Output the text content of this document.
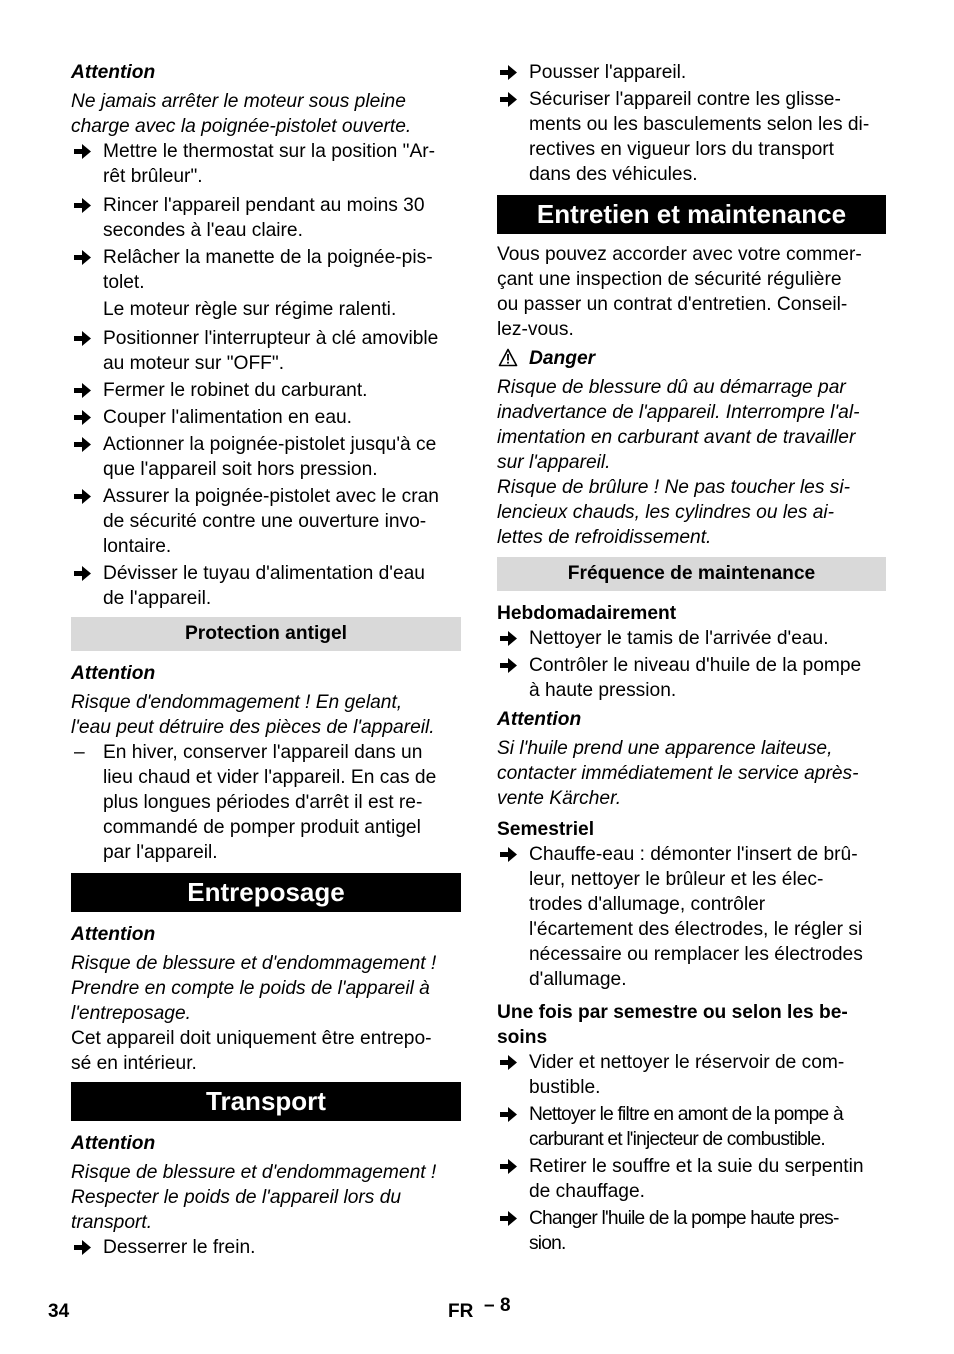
Attention

Ne jamais arrêter le moteur sous pleine
charge avec la poignée-pistolet ouverte.
Mettre le thermostat sur la position "Ar-
rêt brûleur".
Rincer l'appareil pendant au moins 30
secondes à l'eau claire.
Relâcher la manette de la poignée-pis-
tolet.
Le moteur règle sur régime ralenti.
Positionner l'interrupteur à clé amovible
au moteur sur "OFF".
Fermer le robinet du carburant.
Couper l'alimentation en eau.
Actionner la poignée-pistolet jusqu'à ce
que l'appareil soit hors pression.
Assurer la poignée-pistolet avec le cran
de sécurité contre une ouverture invo-
lontaire.
Dévisser le tuyau d'alimentation d'eau
de l'appareil.
Protection antigel

Attention

Risque d'endommagement ! En gelant,
l'eau peut détruire des pièces de l'appareil.
– En hiver, conserver l'appareil dans un
lieu chaud et vider l'appareil. En cas de
plus longues périodes d'arrêt il est re-
commandé de pomper produit antigel
par l'appareil.
Entreposage

Attention

Risque de blessure et d'endommagement !
Prendre en compte le poids de l'appareil à
l'entreposage.
Cet appareil doit uniquement être entrepo-
sé en intérieur.
Transport

Attention

Risque de blessure et d'endommagement !
Respecter le poids de l'appareil lors du
transport.
Desserrer le frein.
Pousser l'appareil.
Sécuriser l'appareil contre les glisse-
ments ou les basculements selon les di-
rectives en vigueur lors du transport
dans des véhicules.
Entretien et maintenance
Vous pouvez accorder avec votre commer-
çant une inspection de sécurité régulière
ou passer un contrat d'entretien. Conseil-
lez-vous.
Danger
Risque de blessure dû au démarrage par
inadvertance de l'appareil. Interrompre l'al-
imentation en carburant avant de travailler
sur l'appareil.
Risque de brûlure ! Ne pas toucher les si-
lencieux chauds, les cylindres ou les ai-
lettes de refroidissement.
Fréquence de maintenance

Hebdomadairement

Nettoyer le tamis de l'arrivée d'eau.
Contrôler le niveau d'huile de la pompe
à haute pression.

Attention

Si l'huile prend une apparence laiteuse,
contacter immédiatement le service après-
vente Kärcher.

Semestriel

Chauffe-eau : démonter l'insert de brû-
leur, nettoyer le brûleur et les élec-
trodes d'allumage, contrôler
l'écartement des électrodes, le régler si
nécessaire ou remplacer les électrodes
d'allumage.
Une fois par semestre ou selon les be-
soins
Vider et nettoyer le réservoir de com-
bustible.
Nettoyer le filtre en amont de la pompe à
carburant et l'injecteur de combustible.
Retirer le souffre et la suie du serpentin
de chauffage.
Changer l'huile de la pompe haute pres-
sion.
34	FR – 8
